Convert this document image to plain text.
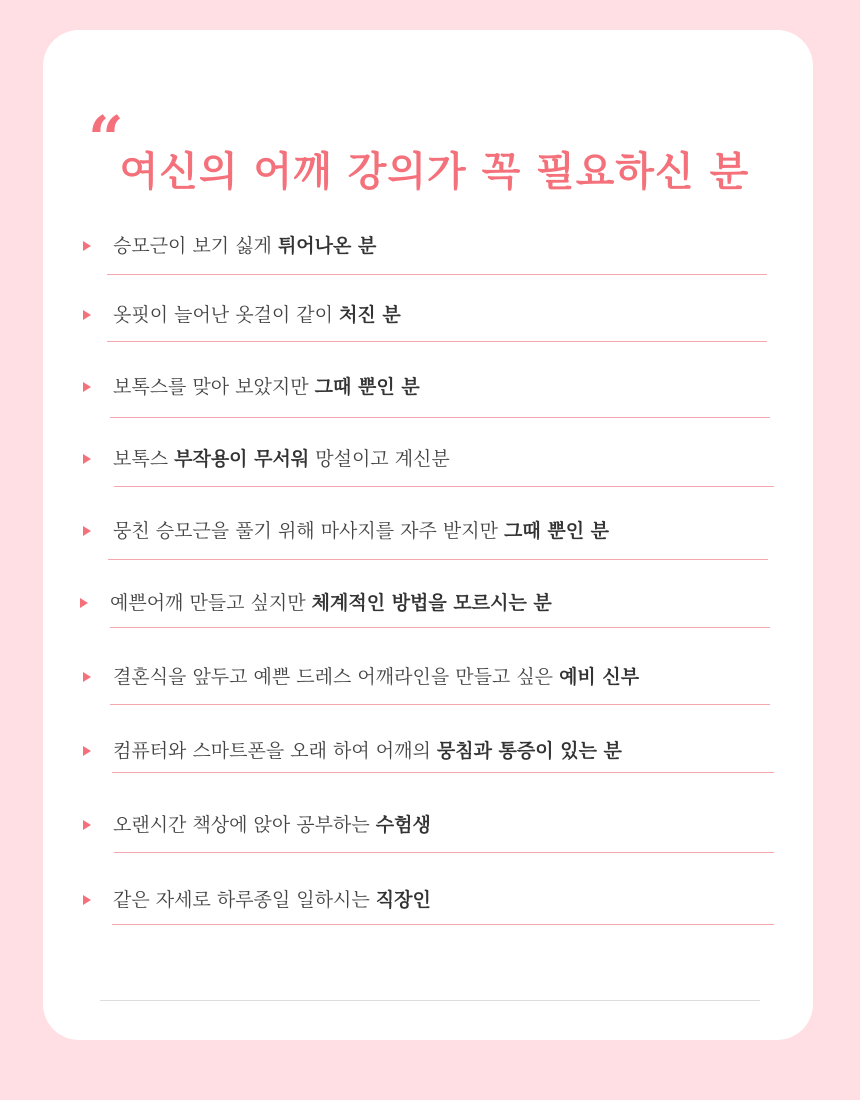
“ 여신의 어깨 강의가 꼭 필요하신 분
승모근이 보기 싫게 튀어나온 분
옷핏이 늘어난 옷걸이 같이 처진 분
보톡스를 맞아 보았지만 그때 뿐인 분
보톡스 부작용이 무서워 망설이고 계신분
뭉친 승모근을 풀기 위해 마사지를 자주 받지만 그때 뿐인 분
예쁜어깨 만들고 싶지만 체계적인 방법을 모르시는 분
결혼식을 앞두고 예쁜 드레스 어깨라인을 만들고 싶은 예비 신부
컴퓨터와 스마트폰을 오래 하여 어깨의 뭉침과 통증이 있는 분
오랜시간 책상에 앉아 공부하는 수험생
같은 자세로 하루종일 일하시는 직장인
